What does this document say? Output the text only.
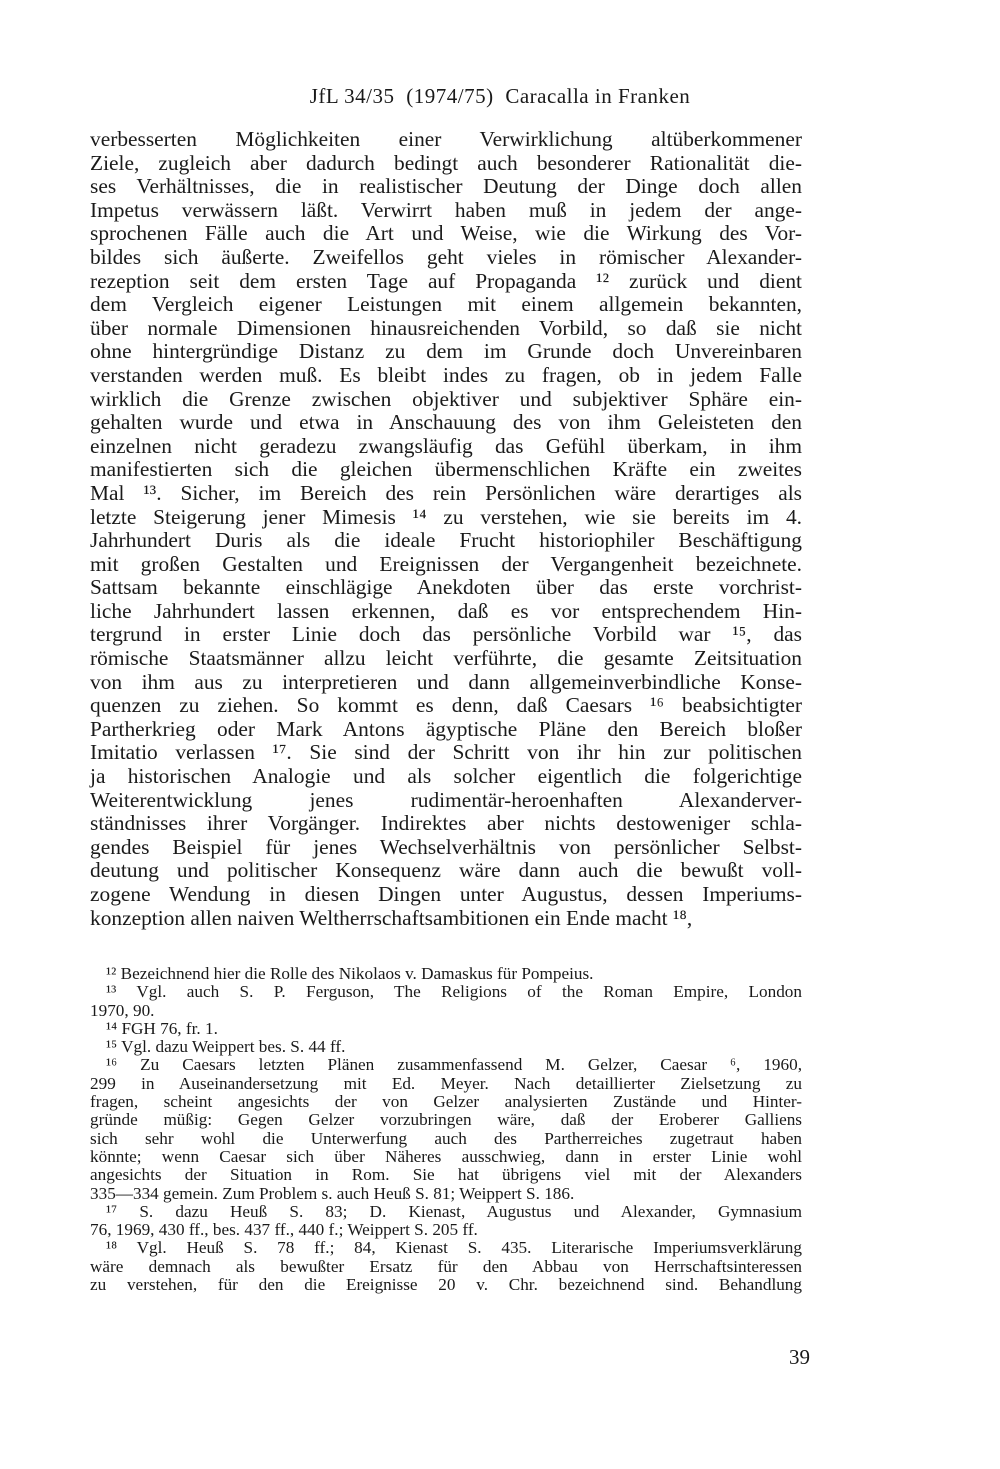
JfL 34/35 (1974/75) Caracalla in Franken
verbesserten Möglichkeiten einer Verwirklichung altüberkommener
Ziele, zugleich aber dadurch bedingt auch besonderer Rationalität die-
ses Verhältnisses, die in realistischer Deutung der Dinge doch allen
Impetus verwässern läßt. Verwirrt haben muß in jedem der ange-
sprochenen Fälle auch die Art und Weise, wie die Wirkung des Vor-
bildes sich äußerte. Zweifellos geht vieles in römischer Alexander-
rezeption seit dem ersten Tage auf Propaganda ¹² zurück und dient
dem Vergleich eigener Leistungen mit einem allgemein bekannten,
über normale Dimensionen hinausreichenden Vorbild, so daß sie nicht
ohne hintergründige Distanz zu dem im Grunde doch Unvereinbaren
verstanden werden muß. Es bleibt indes zu fragen, ob in jedem Falle
wirklich die Grenze zwischen objektiver und subjektiver Sphäre ein-
gehalten wurde und etwa in Anschauung des von ihm Geleisteten den
einzelnen nicht geradezu zwangsläufig das Gefühl überkam, in ihm
manifestierten sich die gleichen übermenschlichen Kräfte ein zweites
Mal ¹³. Sicher, im Bereich des rein Persönlichen wäre derartiges als
letzte Steigerung jener Mimesis ¹⁴ zu verstehen, wie sie bereits im 4.
Jahrhundert Duris als die ideale Frucht historiophiler Beschäftigung
mit großen Gestalten und Ereignissen der Vergangenheit bezeichnete.
Sattsam bekannte einschlägige Anekdoten über das erste vorchrist-
liche Jahrhundert lassen erkennen, daß es vor entsprechendem Hin-
tergrund in erster Linie doch das persönliche Vorbild war ¹⁵, das
römische Staatsmänner allzu leicht verführte, die gesamte Zeitsituation
von ihm aus zu interpretieren und dann allgemeinverbindliche Konse-
quenzen zu ziehen. So kommt es denn, daß Caesars ¹⁶ beabsichtigter
Partherkrieg oder Mark Antons ägyptische Pläne den Bereich bloßer
Imitatio verlassen ¹⁷. Sie sind der Schritt von ihr hin zur politischen
ja historischen Analogie und als solcher eigentlich die folgerichtige
Weiterentwicklung jenes rudimentär-heroenhaften Alexanderver-
ständnisses ihrer Vorgänger. Indirektes aber nichts destoweniger schla-
gendes Beispiel für jenes Wechselverhältnis von persönlicher Selbst-
deutung und politischer Konsequenz wäre dann auch die bewußt voll-
zogene Wendung in diesen Dingen unter Augustus, dessen Imperiums-
konzeption allen naiven Weltherrschaftsambitionen ein Ende macht ¹⁸,
¹² Bezeichnend hier die Rolle des Nikolaos v. Damaskus für Pompeius.
¹³ Vgl. auch S. P. Ferguson, The Religions of the Roman Empire, London
1970, 90.
¹⁴ FGH 76, fr. 1.
¹⁵ Vgl. dazu Weippert bes. S. 44 ff.
¹⁶ Zu Caesars letzten Plänen zusammenfassend M. Gelzer, Caesar ⁶, 1960,
299 in Auseinandersetzung mit Ed. Meyer. Nach detaillierter Zielsetzung zu
fragen, scheint angesichts der von Gelzer analysierten Zustände und Hinter-
gründe müßig: Gegen Gelzer vorzubringen wäre, daß der Eroberer Galliens
sich sehr wohl die Unterwerfung auch des Partherreiches zugetraut haben
könnte; wenn Caesar sich über Näheres ausschwieg, dann in erster Linie wohl
angesichts der Situation in Rom. Sie hat übrigens viel mit der Alexanders
335—334 gemein. Zum Problem s. auch Heuß S. 81; Weippert S. 186.
¹⁷ S. dazu Heuß S. 83; D. Kienast, Augustus und Alexander, Gymnasium
76, 1969, 430 ff., bes. 437 ff., 440 f.; Weippert S. 205 ff.
¹⁸ Vgl. Heuß S. 78 ff.; 84, Kienast S. 435. Literarische Imperiumsverklärung
wäre demnach als bewußter Ersatz für den Abbau von Herrschaftsinteressen
zu verstehen, für den die Ereignisse 20 v. Chr. bezeichnend sind. Behandlung
39
